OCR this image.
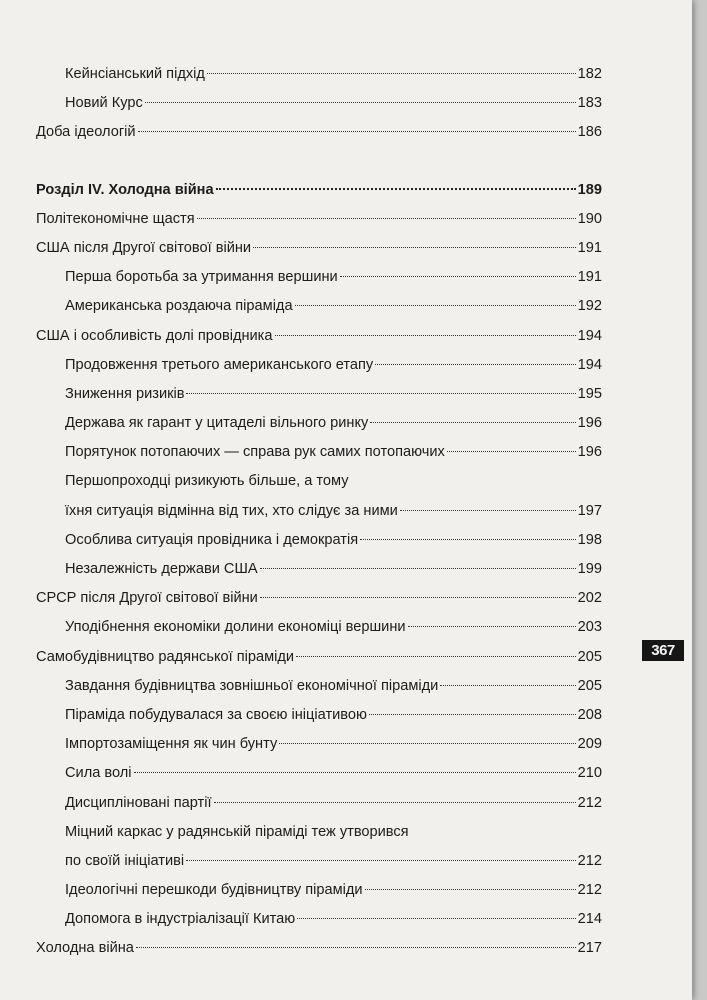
Кейнсіанський підхід	182
Новий Курс	183
Доба ідеологій	186
Розділ IV. Холодна війна	189
Політекономічне щастя	190
США після Другої світової війни	191
Перша боротьба за утримання вершини	191
Американська роздаюча піраміда	192
США і особливість долі провідника	194
Продовження третього американського етапу	194
Зниження ризиків	195
Держава як гарант у цитаделі вільного ринку	196
Порятунок потопаючих — справа рук самих потопаючих	196
Першопроходці ризикують більше, а тому
їхня ситуація відмінна від тих, хто слідує за ними	197
Особлива ситуація провідника і демократія	198
Незалежність держави США	199
СРСР після Другої світової війни	202
Уподібнення економіки долини економіці вершини	203
Самобудівництво радянської піраміди	205
Завдання будівництва зовнішньої економічної піраміди	205
Піраміда побудувалася за своєю ініціативою	208
Імпортозаміщення як чин бунту	209
Сила волі	210
Дисципліновані партії	212
Міцний каркас у радянській піраміді теж утворився
по своїй ініціативі	212
Ідеологічні перешкоди будівництву піраміди	212
Допомога в індустріалізації Китаю	214
Холодна війна	217
367
